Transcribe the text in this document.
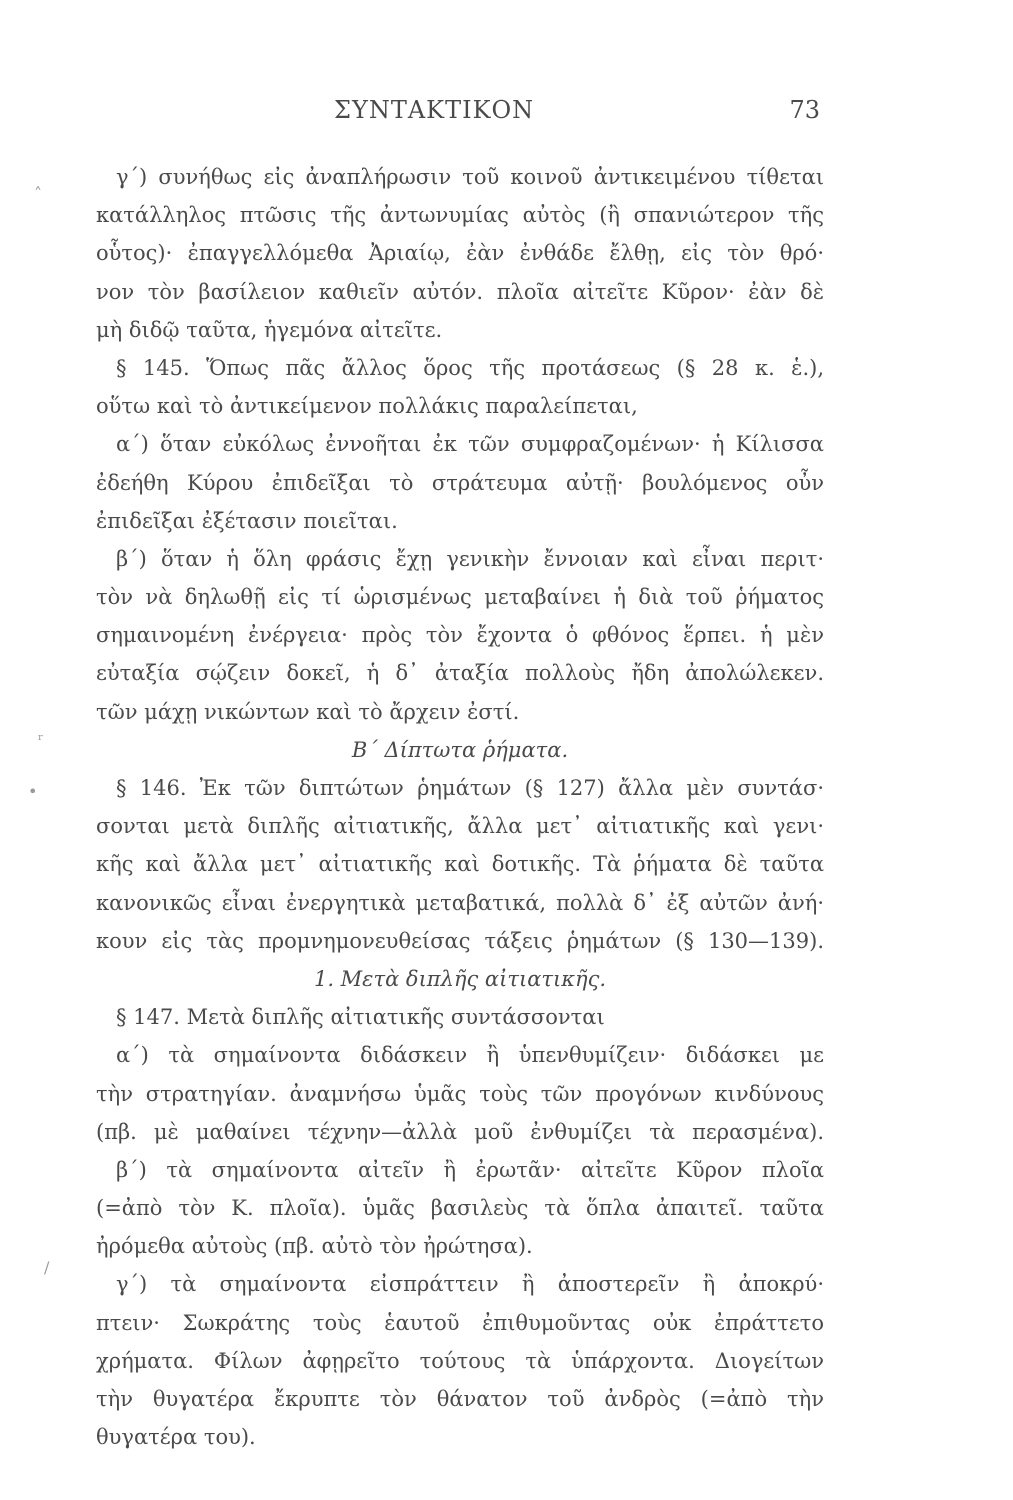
ΣΥΝΤΑΚΤΙΚΟΝ	73
˄
ʳ
•
/
γ΄) συνήθως εἰς ἀναπλήρωσιν τοῦ κοινοῦ ἀντικειμένου τίθεται
κατάλληλος πτῶσις τῆς ἀντωνυμίας αὐτὸς (ἢ σπανιώτερον τῆς
οὗτος)· ἐπαγγελλόμεθα Ἀριαίῳ, ἐὰν ἐνθάδε ἔλθῃ, εἰς τὸν θρό·
νον τὸν βασίλειον καθιεῖν αὐτόν. πλοῖα αἰτεῖτε Κῦρον· ἐὰν δὲ
μὴ διδῷ ταῦτα, ἡγεμόνα αἰτεῖτε.
§ 145. Ὅπως πᾶς ἄλλος ὅρος τῆς προτάσεως (§ 28 κ. ἑ.),
οὕτω καὶ τὸ ἀντικείμενον πολλάκις παραλείπεται,
α΄) ὅταν εὐκόλως ἐννοῆται ἐκ τῶν συμφραζομένων· ἡ Κίλισσα
ἐδεήθη Κύρου ἐπιδεῖξαι τὸ στράτευμα αὐτῇ· βουλόμενος οὖν
ἐπιδεῖξαι ἐξέτασιν ποιεῖται.
β΄) ὅταν ἡ ὅλη φράσις ἔχῃ γενικὴν ἔννοιαν καὶ εἶναι περιτ·
τὸν νὰ δηλωθῇ εἰς τί ὡρισμένως μεταβαίνει ἡ διὰ τοῦ ῥήματος
σημαινομένη ἐνέργεια· πρὸς τὸν ἔχοντα ὁ φθόνος ἕρπει. ἡ μὲν
εὐταξία σῴζειν δοκεῖ, ἡ δ᾽ ἀταξία πολλοὺς ἤδη ἀπολώλεκεν.
τῶν μάχῃ νικώντων καὶ τὸ ἄρχειν ἐστί.
Β΄ Δίπτωτα ῥήματα.
§ 146. Ἐκ τῶν διπτώτων ῥημάτων (§ 127) ἄλλα μὲν συντάσ·
σονται μετὰ διπλῆς αἰτιατικῆς, ἄλλα μετ᾽ αἰτιατικῆς καὶ γενι·
κῆς καὶ ἄλλα μετ᾽ αἰτιατικῆς καὶ δοτικῆς. Τὰ ῥήματα δὲ ταῦτα
κανονικῶς εἶναι ἐνεργητικὰ μεταβατικά, πολλὰ δ᾽ ἐξ αὐτῶν ἀνή·
κουν εἰς τὰς προμνημονευθείσας τάξεις ῥημάτων (§ 130—139).
1. Μετὰ διπλῆς αἰτιατικῆς.
§ 147. Μετὰ διπλῆς αἰτιατικῆς συντάσσονται
α΄) τὰ σημαίνοντα διδάσκειν ἢ ὑπενθυμίζειν· διδάσκει με
τὴν στρατηγίαν. ἀναμνήσω ὑμᾶς τοὺς τῶν προγόνων κινδύνους
(πβ. μὲ μαθαίνει τέχνην—ἀλλὰ μοῦ ἐνθυμίζει τὰ περασμένα).
β΄) τὰ σημαίνοντα αἰτεῖν ἢ ἐρωτᾶν· αἰτεῖτε Κῦρον πλοῖα
(=ἀπὸ τὸν Κ. πλοῖα). ὑμᾶς βασιλεὺς τὰ ὅπλα ἀπαιτεῖ. ταῦτα
ἠρόμεθα αὐτοὺς (πβ. αὐτὸ τὸν ἠρώτησα).
γ΄) τὰ σημαίνοντα εἰσπράττειν ἢ ἀποστερεῖν ἢ ἀποκρύ·
πτειν· Σωκράτης τοὺς ἑαυτοῦ ἐπιθυμοῦντας οὐκ ἐπράττετο
χρήματα. Φίλων ἀφῃρεῖτο τούτους τὰ ὑπάρχοντα. Διογείτων
τὴν θυγατέρα ἔκρυπτε τὸν θάνατον τοῦ ἀνδρὸς (=ἀπὸ τὴν
θυγατέρα του).
